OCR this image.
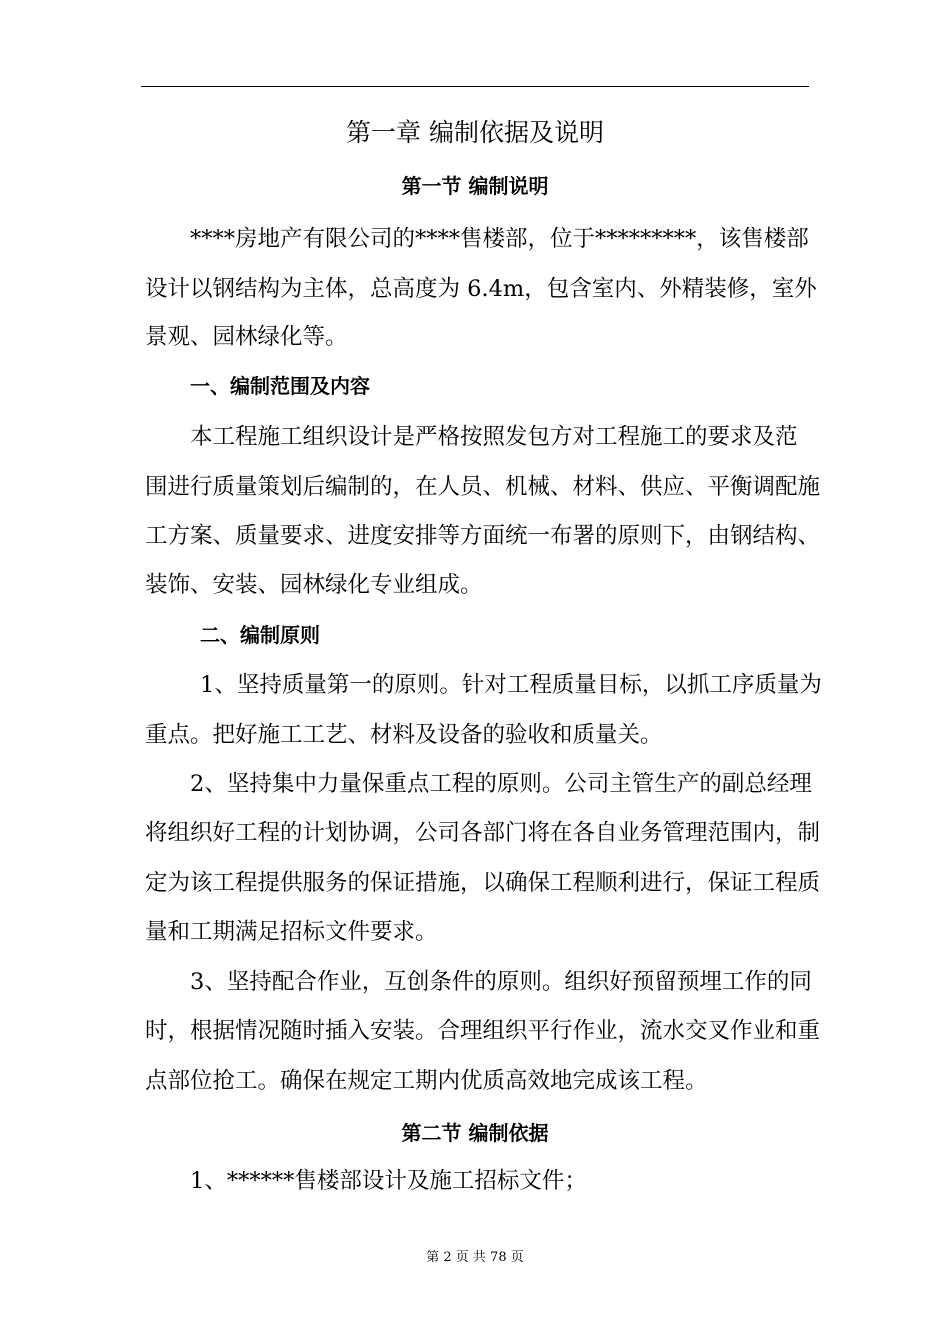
第一章 编制依据及说明
第一节 编制说明
****房地产有限公司的****售楼部，位于*********，该售楼部
设计以钢结构为主体，总高度为 6.4m，包含室内、外精装修，室外
景观、园林绿化等。
一、编制范围及内容
本工程施工组织设计是严格按照发包方对工程施工的要求及范
围进行质量策划后编制的，在人员、机械、材料、供应、平衡调配施
工方案、质量要求、进度安排等方面统一布署的原则下，由钢结构、
装饰、安装、园林绿化专业组成。
二、编制原则
1、坚持质量第一的原则。针对工程质量目标，以抓工序质量为
重点。把好施工工艺、材料及设备的验收和质量关。
2、坚持集中力量保重点工程的原则。公司主管生产的副总经理
将组织好工程的计划协调，公司各部门将在各自业务管理范围内，制
定为该工程提供服务的保证措施，以确保工程顺利进行，保证工程质
量和工期满足招标文件要求。
3、坚持配合作业，互创条件的原则。组织好预留预埋工作的同
时，根据情况随时插入安装。合理组织平行作业，流水交叉作业和重
点部位抢工。确保在规定工期内优质高效地完成该工程。
第二节 编制依据
1、******售楼部设计及施工招标文件；
第 2 页 共 78 页
